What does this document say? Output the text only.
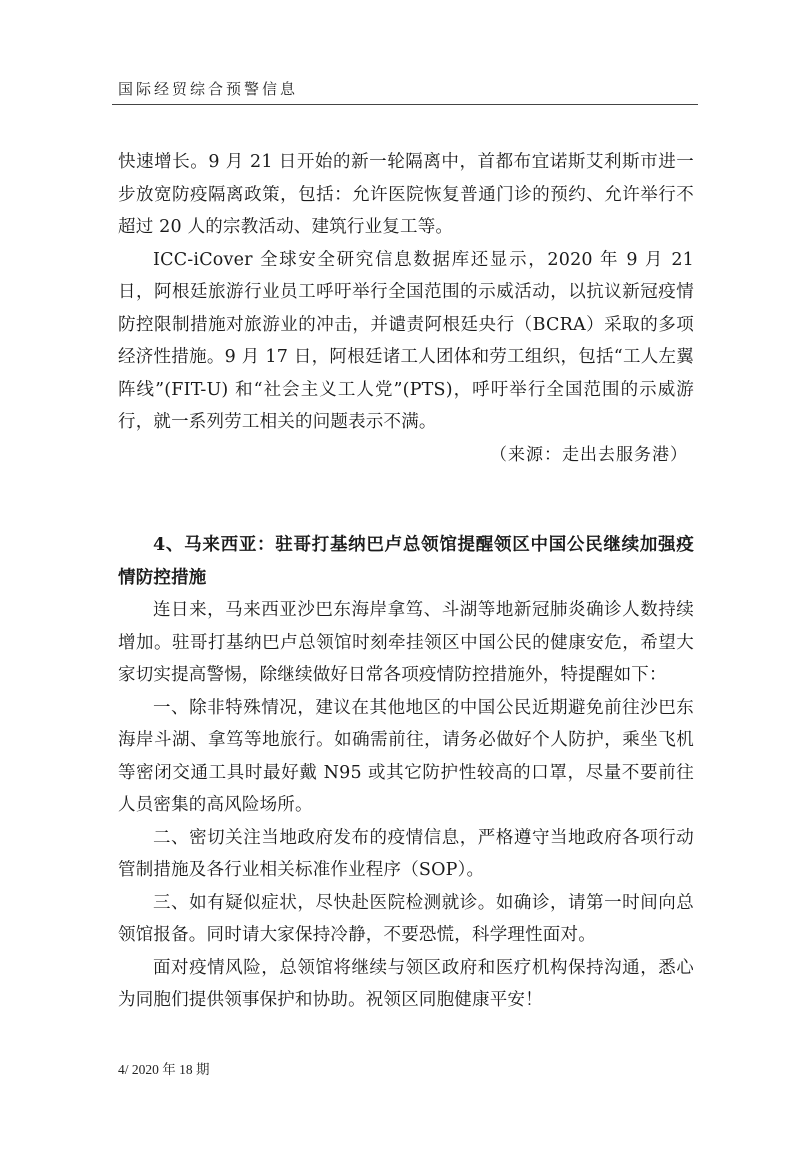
国际经贸综合预警信息

快速增长。9 月 21 日开始的新一轮隔离中，首都布宜诺斯艾利斯市进一步放宽防疫隔离政策，包括：允许医院恢复普通门诊的预约、允许举行不超过 20 人的宗教活动、建筑行业复工等。

ICC-iCover 全球安全研究信息数据库还显示，2020 年 9 月 21 日，阿根廷旅游行业员工呼吁举行全国范围的示威活动，以抗议新冠疫情防控限制措施对旅游业的冲击，并谴责阿根廷央行（BCRA）采取的多项经济性措施。9 月 17 日，阿根廷诸工人团体和劳工组织，包括“工人左翼阵线”(FIT-U) 和“社会主义工人党”(PTS)，呼吁举行全国范围的示威游行，就一系列劳工相关的问题表示不满。

（来源：走出去服务港）

4、马来西亚：驻哥打基纳巴卢总领馆提醒领区中国公民继续加强疫情防控措施

连日来，马来西亚沙巴东海岸拿笃、斗湖等地新冠肺炎确诊人数持续增加。驻哥打基纳巴卢总领馆时刻牵挂领区中国公民的健康安危，希望大家切实提高警惕，除继续做好日常各项疫情防控措施外，特提醒如下：

一、除非特殊情况，建议在其他地区的中国公民近期避免前往沙巴东海岸斗湖、拿笃等地旅行。如确需前往，请务必做好个人防护，乘坐飞机等密闭交通工具时最好戴 N95 或其它防护性较高的口罩，尽量不要前往人员密集的高风险场所。

二、密切关注当地政府发布的疫情信息，严格遵守当地政府各项行动管制措施及各行业相关标准作业程序（SOP）。

三、如有疑似症状，尽快赴医院检测就诊。如确诊，请第一时间向总领馆报备。同时请大家保持冷静，不要恐慌，科学理性面对。

面对疫情风险，总领馆将继续与领区政府和医疗机构保持沟通，悉心为同胞们提供领事保护和协助。祝领区同胞健康平安！

4/ 2020 年 18 期
